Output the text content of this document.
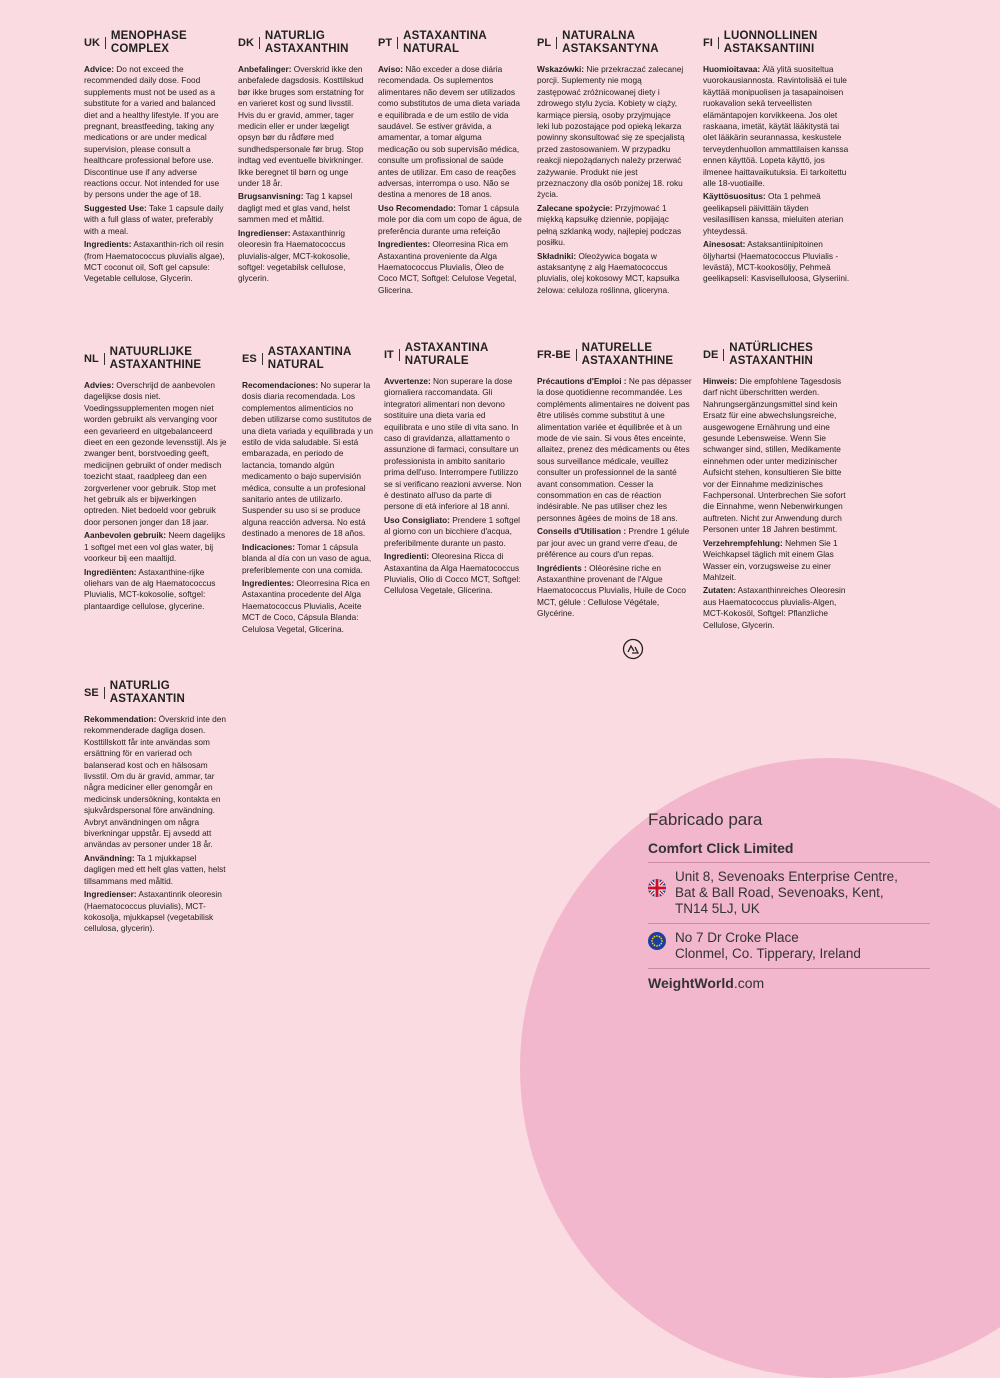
UK
MENOPHASE
COMPLEX

Advice: Do not exceed the recommended daily dose. Food supplements must not be used as a substitute for a varied and balanced diet and a healthy lifestyle. If you are pregnant, breastfeeding, taking any medications or are under medical supervision, please consult a healthcare professional before use. Discontinue use if any adverse reactions occur. Not intended for use by persons under the age of 18.

Suggested Use: Take 1 capsule daily with a full glass of water, preferably with a meal.

Ingredients: Astaxanthin-rich oil resin (from Haematococcus pluvialis algae), MCT coconut oil, Soft gel capsule: Vegetable cellulose, Glycerin.

DK
NATURLIG
ASTAXANTHIN

Anbefalinger: Overskrid ikke den anbefalede dagsdosis. Kosttilskud bør ikke bruges som erstatning for en varieret kost og sund livsstil. Hvis du er gravid, ammer, tager medicin eller er under lægeligt opsyn bør du rådføre med sundhedspersonale før brug. Stop indtag ved eventuelle bivirkninger. Ikke beregnet til børn og unge under 18 år.

Brugsanvisning: Tag 1 kapsel dagligt med et glas vand, helst sammen med et måltid.

Ingredienser: Astaxanthinrig oleoresin fra Haematococcus pluvialis-alger, MCT-kokosolie, softgel: vegetabilsk cellulose, glycerin.

PT
ASTAXANTINA
NATURAL

Aviso: Não exceder a dose diária recomendada. Os suplementos alimentares não devem ser utilizados como substitutos de uma dieta variada e equilibrada e de um estilo de vida saudável. Se estiver grávida, a amamentar, a tomar alguma medicação ou sob supervisão médica, consulte um profissional de saúde antes de utilizar. Em caso de reações adversas, interrompa o uso. Não se destina a menores de 18 anos.

Uso Recomendado: Tomar 1 cápsula mole por dia com um copo de água, de preferência durante uma refeição

Ingredientes: Oleorresina Rica em Astaxantina proveniente da Alga Haematococcus Pluvialis, Óleo de Coco MCT, Softgel: Celulose Vegetal, Glicerina.

PL
NATURALNA
ASTAKSANTYNA

Wskazówki: Nie przekraczać zalecanej porcji. Suplementy nie mogą zastępować zróżnicowanej diety i zdrowego stylu życia. Kobiety w ciąży, karmiące piersią, osoby przyjmujące leki lub pozostające pod opieką lekarza powinny skonsultować się ze specjalistą przed zastosowaniem. W przypadku reakcji niepożądanych należy przerwać zażywanie. Produkt nie jest przeznaczony dla osób poniżej 18. roku życia.

Zalecane spożycie: Przyjmować 1 miękką kapsułkę dziennie, popijając pełną szklanką wody, najlepiej podczas posiłku.

Składniki: Oleożywica bogata w astaksantynę z alg Haematococcus pluvialis, olej kokosowy MCT, kapsułka żelowa: celuloza roślinna, gliceryna.

FI
LUONNOLLINEN
ASTAKSANTIINI

Huomioitavaa: Älä ylitä suositeltua vuorokausiannosta. Ravintolisää ei tule käyttää monipuolisen ja tasapainoisen ruokavalion sekä terveellisten elämäntapojen korvikkeena. Jos olet raskaana, imetät, käytät lääkitystä tai olet lääkärin seurannassa, keskustele terveydenhuollon ammattilaisen kanssa ennen käyttöä. Lopeta käyttö, jos ilmenee haittavaikutuksia. Ei tarkoitettu alle 18-vuotiaille.

Käyttösuositus: Ota 1 pehmeä geelikapseli päivittäin täyden vesilasillisen kanssa, mieluiten aterian yhteydessä.

Ainesosat: Astaksantiinipitoinen öljyhartsi (Haematococcus Pluvialis -levästä), MCT-kookosöljy, Pehmeä geelikapseli: Kasviselluloosa, Glyseriini.

NL
NATUURLIJKE
ASTAXANTHINE

Advies: Overschrijd de aanbevolen dagelijkse dosis niet. Voedingssupplementen mogen niet worden gebruikt als vervanging voor een gevarieerd en uitgebalanceerd dieet en een gezonde levensstijl. Als je zwanger bent, borstvoeding geeft, medicijnen gebruikt of onder medisch toezicht staat, raadpleeg dan een zorgverlener voor gebruik. Stop met het gebruik als er bijwerkingen optreden. Niet bedoeld voor gebruik door personen jonger dan 18 jaar.

Aanbevolen gebruik: Neem dagelijks 1 softgel met een vol glas water, bij voorkeur bij een maaltijd.

Ingrediënten: Astaxanthine-rijke oliehars van de alg Haematococcus Pluvialis, MCT-kokosolie, softgel: plantaardige cellulose, glycerine.

ES
ASTAXANTINA
NATURAL

Recomendaciones: No superar la dosis diaria recomendada. Los complementos alimenticios no deben utilizarse como sustitutos de una dieta variada y equilibrada y un estilo de vida saludable. Si está embarazada, en periodo de lactancia, tomando algún medicamento o bajo supervisión médica, consulte a un profesional sanitario antes de utilizarlo. Suspender su uso si se produce alguna reacción adversa. No está destinado a menores de 18 años.

Indicaciones: Tomar 1 cápsula blanda al día con un vaso de agua, preferiblemente con una comida.

Ingredientes: Oleorresina Rica en Astaxantina procedente del Alga Haematococcus Pluvialis, Aceite MCT de Coco, Cápsula Blanda: Celulosa Vegetal, Glicerina.

IT
ASTAXANTINA
NATURALE

Avvertenze: Non superare la dose giornaliera raccomandata. Gli integratori alimentari non devono sostituire una dieta varia ed equilibrata e uno stile di vita sano. In caso di gravidanza, allattamento o assunzione di farmaci, consultare un professionista in ambito sanitario prima dell'uso. Interrompere l'utilizzo se si verificano reazioni avverse. Non è destinato all'uso da parte di persone di età inferiore al 18 anni.

Uso Consigliato: Prendere 1 softgel al giorno con un bicchiere d'acqua, preferibilmente durante un pasto.

Ingredienti: Oleoresina Ricca di Astaxantina da Alga Haematococcus Pluvialis, Olio di Cocco MCT, Softgel: Cellulosa Vegetale, Glicerina.

FR-BE
NATURELLE
ASTAXANTHINE

Précautions d'Emploi : Ne pas dépasser la dose quotidienne recommandée. Les compléments alimentaires ne doivent pas être utilisés comme substitut à une alimentation variée et équilibrée et à un mode de vie sain. Si vous êtes enceinte, allaitez, prenez des médicaments ou êtes sous surveillance médicale, veuillez consulter un professionnel de la santé avant consommation. Cesser la consommation en cas de réaction indésirable. Ne pas utiliser chez les personnes âgées de moins de 18 ans.

Conseils d'Utilisation : Prendre 1 gélule par jour avec un grand verre d'eau, de préférence au cours d'un repas.

Ingrédients : Oléorésine riche en Astaxanthine provenant de l'Algue Haematococcus Pluvialis, Huile de Coco MCT, gélule : Cellulose Végétale, Glycérine.

DE
NATÜRLICHES
ASTAXANTHIN

Hinweis: Die empfohlene Tagesdosis darf nicht überschritten werden. Nahrungsergänzungsmittel sind kein Ersatz für eine abwechslungsreiche, ausgewogene Ernährung und eine gesunde Lebensweise. Wenn Sie schwanger sind, stillen, Medikamente einnehmen oder unter medizinischer Aufsicht stehen, konsultieren Sie bitte vor der Einnahme medizinisches Fachpersonal. Unterbrechen Sie sofort die Einnahme, wenn Nebenwirkungen auftreten. Nicht zur Anwendung durch Personen unter 18 Jahren bestimmt.

Verzehrempfehlung: Nehmen Sie 1 Weichkapsel täglich mit einem Glas Wasser ein, vorzugsweise zu einer Mahlzeit.

Zutaten: Astaxanthinreiches Oleoresin aus Haematococcus pluvialis-Algen, MCT-Kokosöl, Softgel: Pflanzliche Cellulose, Glycerin.

SE
NATURLIG
ASTAXANTIN

Rekommendation: Överskrid inte den rekommenderade dagliga dosen. Kosttillskott får inte användas som ersättning för en varierad och balanserad kost och en hälsosam livsstil. Om du är gravid, ammar, tar några mediciner eller genomgår en medicinsk undersökning, kontakta en sjukvårdspersonal före användning. Avbryt användningen om några biverkningar uppstår. Ej avsedd att användas av personer under 18 år.

Användning: Ta 1 mjukkapsel dagligen med ett helt glas vatten, helst tillsammans med måltid.

Ingredienser: Astaxantinrik oleoresin (Haematococcus pluvialis), MCT-kokosolja, mjukkapsel (vegetabilisk cellulosa, glycerin).

Fabricado para
Comfort Click Limited
Unit 8, Sevenoaks Enterprise Centre,
Bat & Ball Road, Sevenoaks, Kent,
TN14 5LJ, UK
No 7 Dr Croke Place
Clonmel, Co. Tipperary, Ireland
WeightWorld.com
